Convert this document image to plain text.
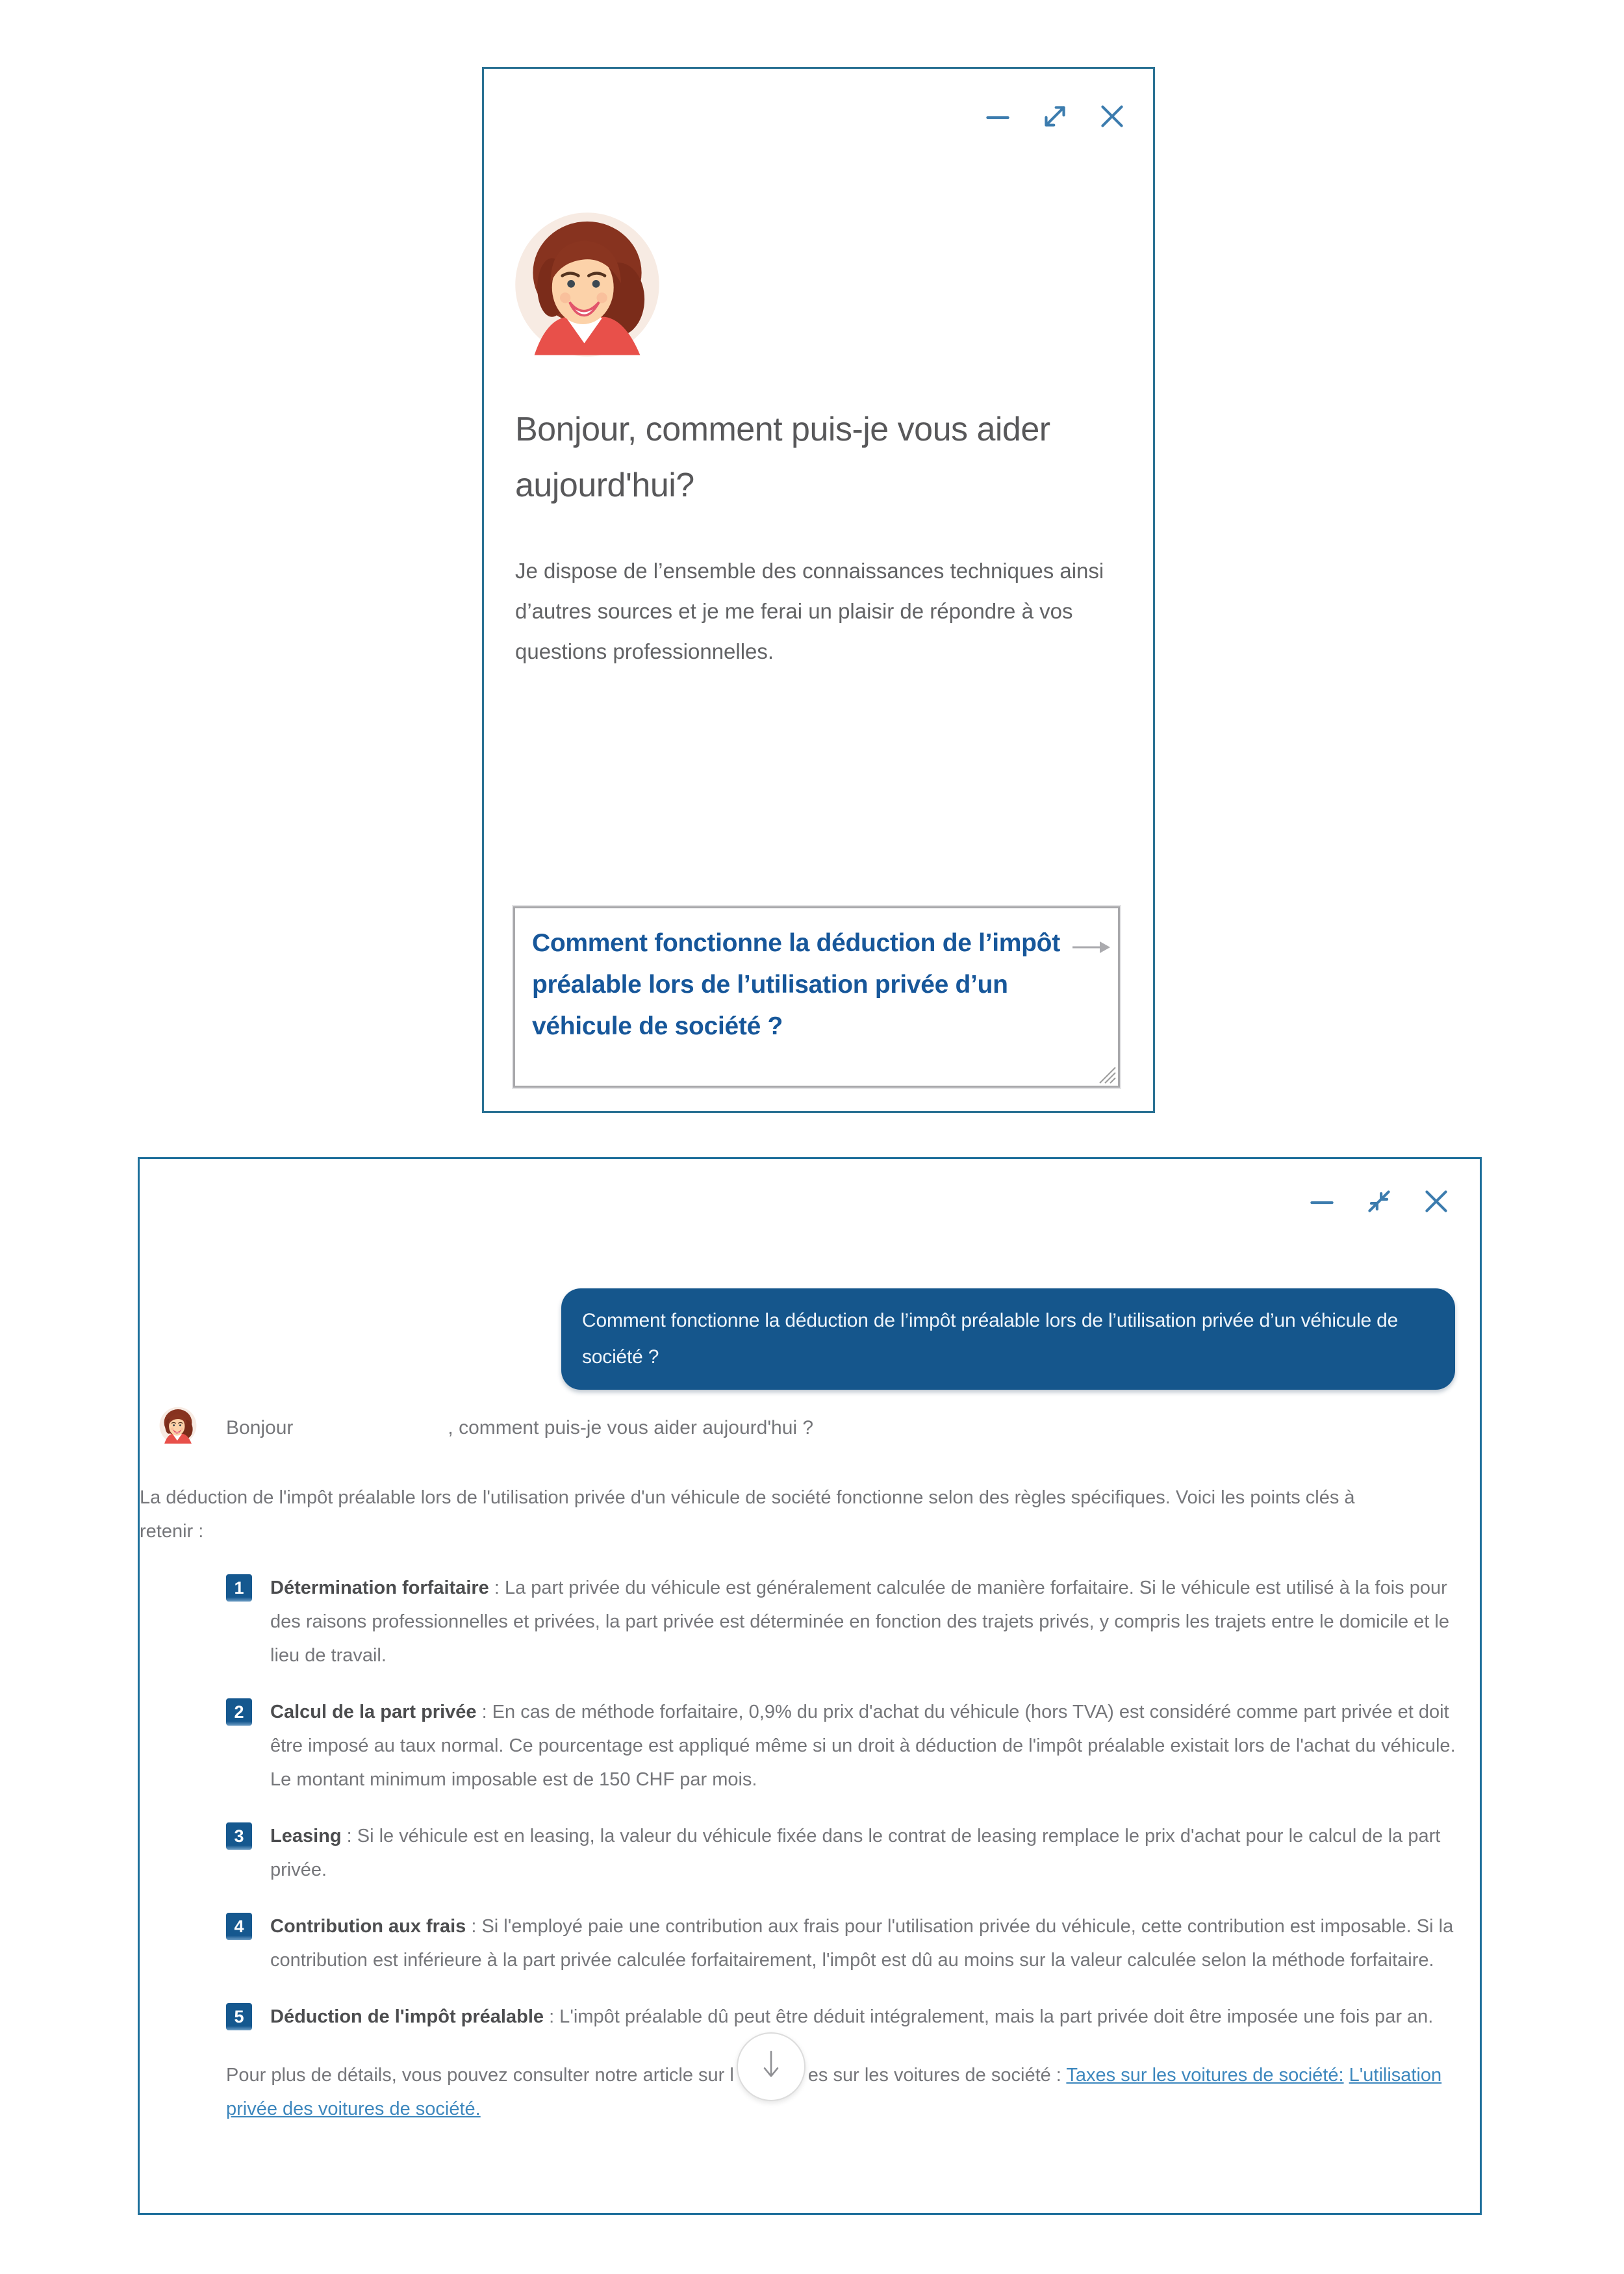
Bonjour, comment puis-je vous aider aujourd'hui?

Je dispose de l’ensemble des connaissances techniques ainsi d’autres sources et je me ferai un plaisir de répondre à vos questions professionnelles.

Comment fonctionne la déduction de l’impôt préalable lors de l’utilisation privée d’un véhicule de société ?
Comment fonctionne la déduction de l’impôt préalable lors de l’utilisation privée d’un véhicule de société ?

Bonjour	, comment puis-je vous aider aujourd'hui ?

La déduction de l'impôt préalable lors de l'utilisation privée d'un véhicule de société fonctionne selon des règles spécifiques. Voici les points clés à retenir :

1	Détermination forfaitaire : La part privée du véhicule est généralement calculée de manière forfaitaire. Si le véhicule est utilisé à la fois pour des raisons professionnelles et privées, la part privée est déterminée en fonction des trajets privés, y compris les trajets entre le domicile et le lieu de travail.

2	Calcul de la part privée : En cas de méthode forfaitaire, 0,9% du prix d'achat du véhicule (hors TVA) est considéré comme part privée et doit être imposé au taux normal. Ce pourcentage est appliqué même si un droit à déduction de l'impôt préalable existait lors de l'achat du véhicule. Le montant minimum imposable est de 150 CHF par mois.

3	Leasing : Si le véhicule est en leasing, la valeur du véhicule fixée dans le contrat de leasing remplace le prix d'achat pour le calcul de la part privée.

4	Contribution aux frais : Si l'employé paie une contribution aux frais pour l'utilisation privée du véhicule, cette contribution est imposable. Si la contribution est inférieure à la part privée calculée forfaitairement, l'impôt est dû au moins sur la valeur calculée selon la méthode forfaitaire.

5	Déduction de l'impôt préalable : L'impôt préalable dû peut être déduit intégralement, mais la part privée doit être imposée une fois par an.

Pour plus de détails, vous pouvez consulter notre article sur l	es sur les voitures de société : Taxes sur les voitures de société: L'utilisation privée des voitures de société.
